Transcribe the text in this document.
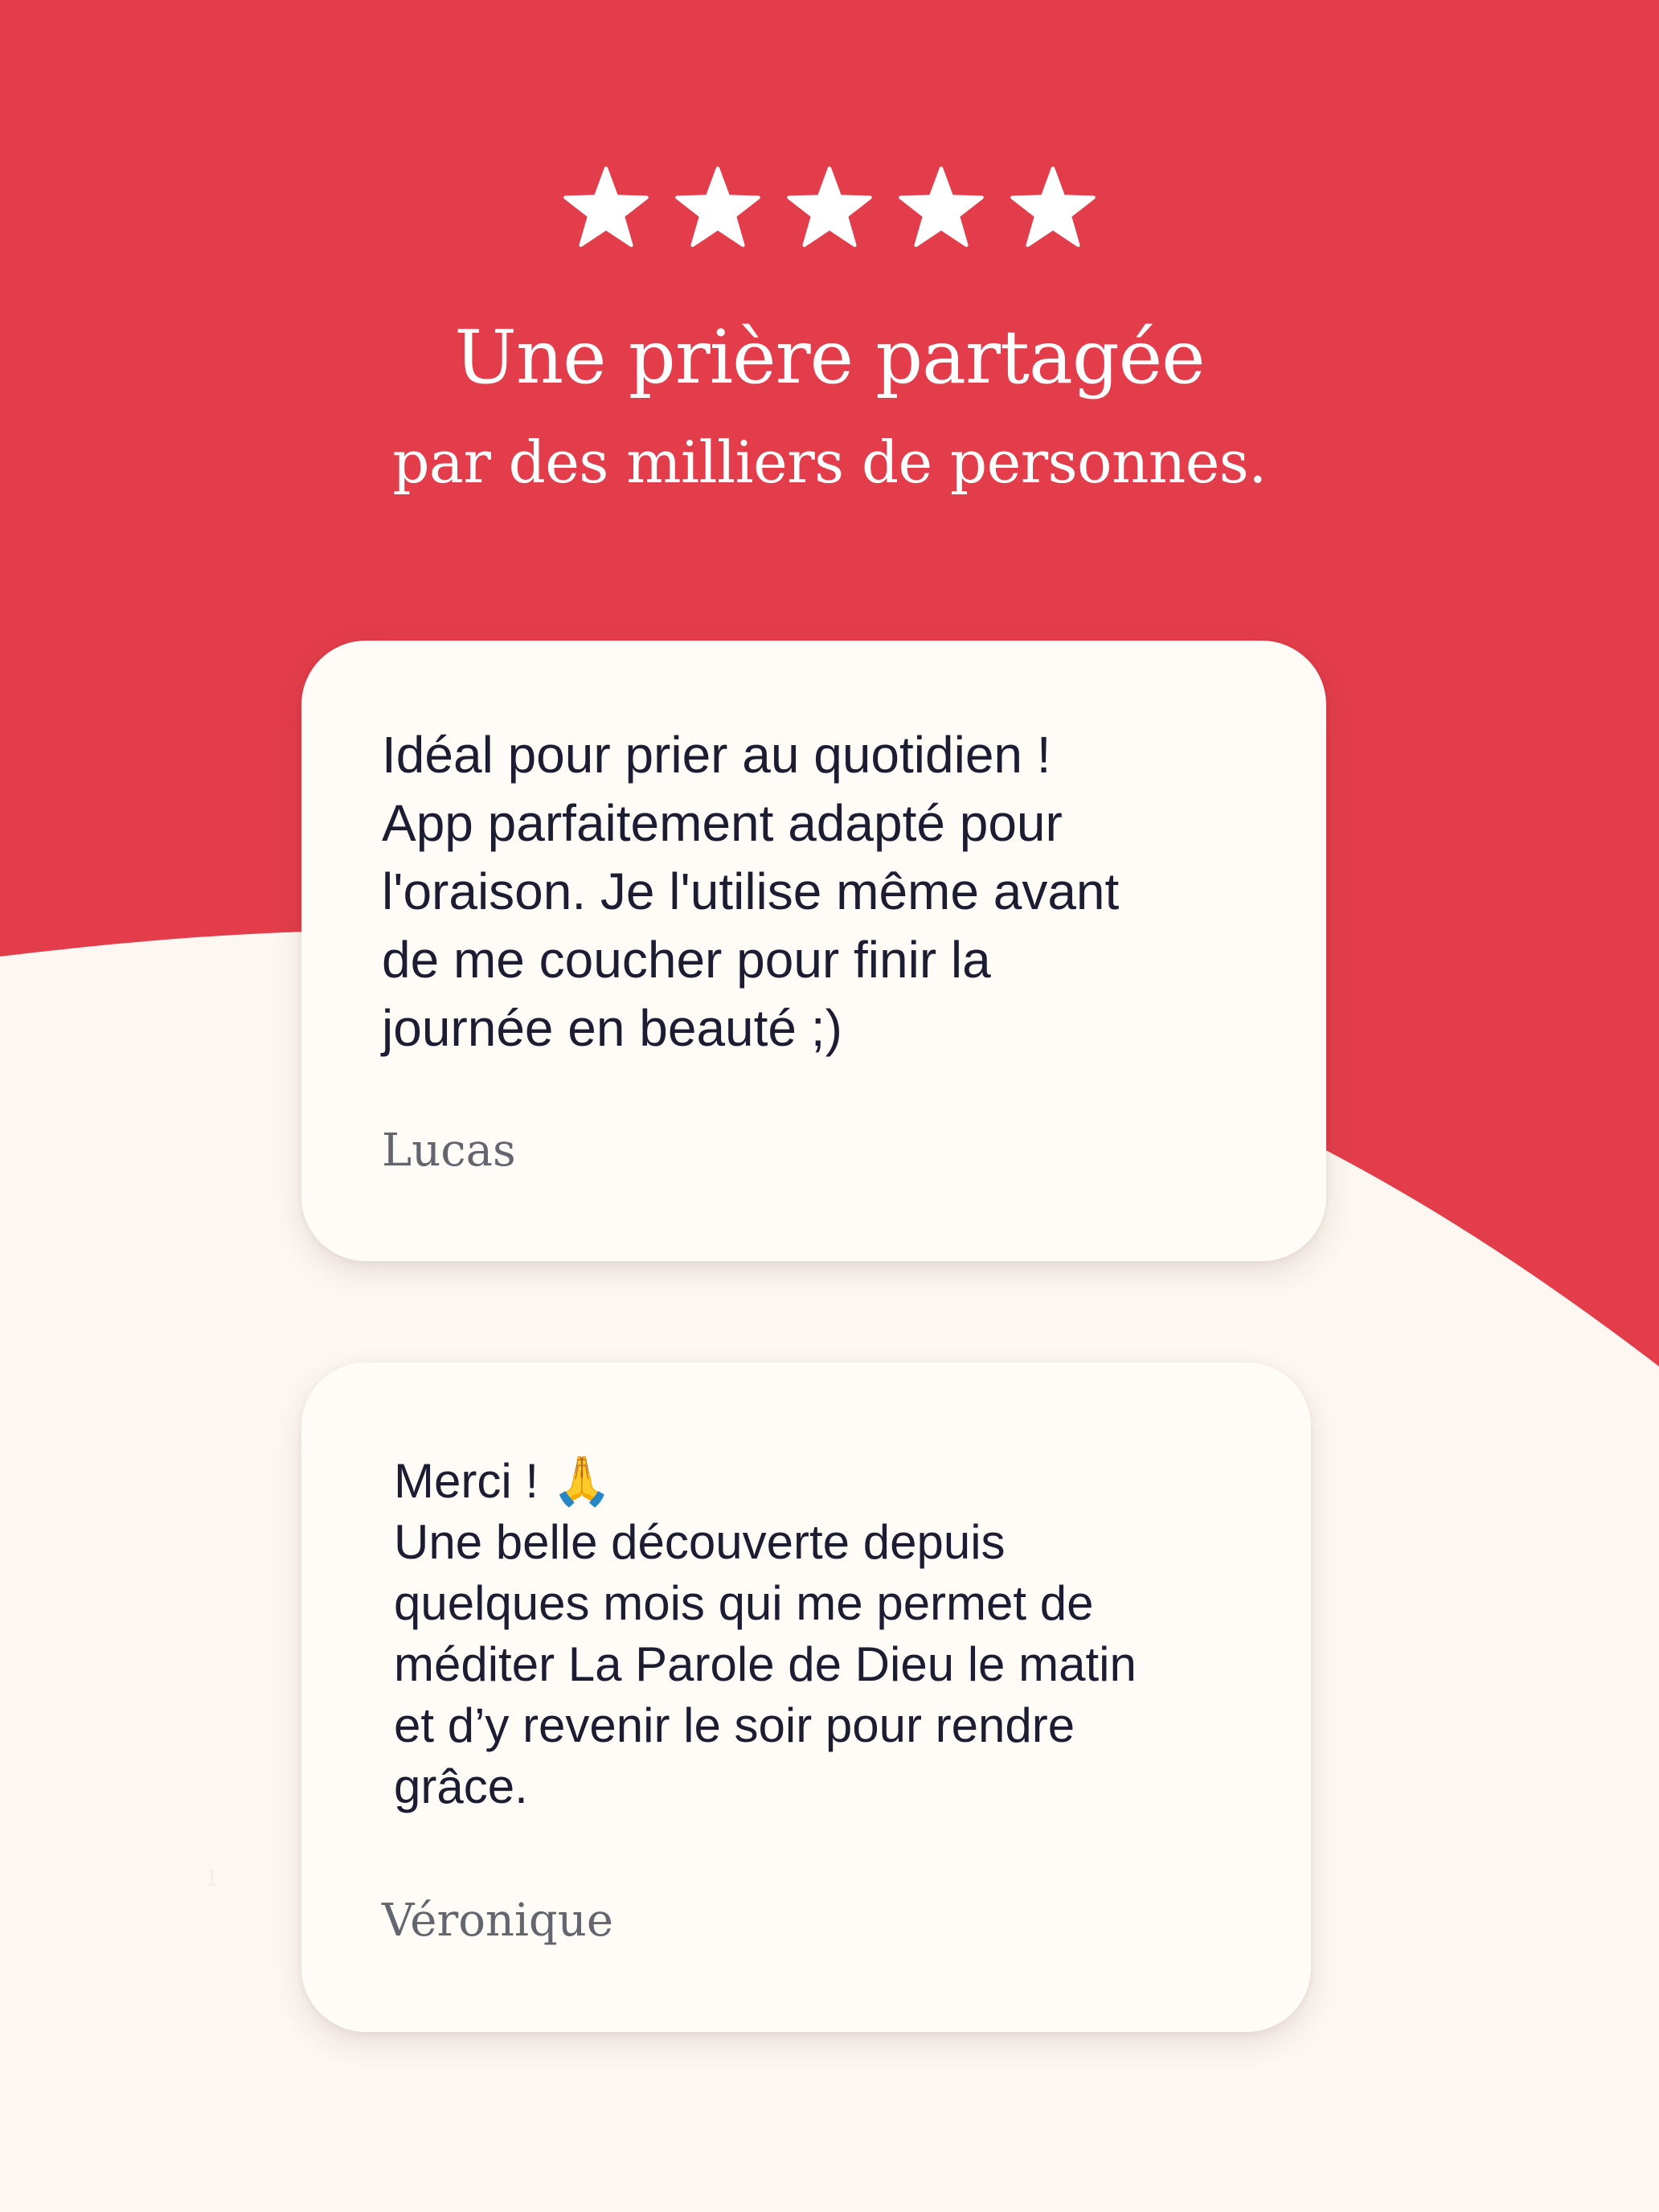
Une prière partagée
par des milliers de personnes.

Idéal pour prier au quotidien !
App parfaitement adapté pour
l'oraison. Je l'utilise même avant
de me coucher pour finir la
journée en beauté ;)

Lucas

Merci ! 🙏
Une belle découverte depuis
quelques mois qui me permet de
méditer La Parole de Dieu le matin
et d’y revenir le soir pour rendre
grâce.

Véronique

1
